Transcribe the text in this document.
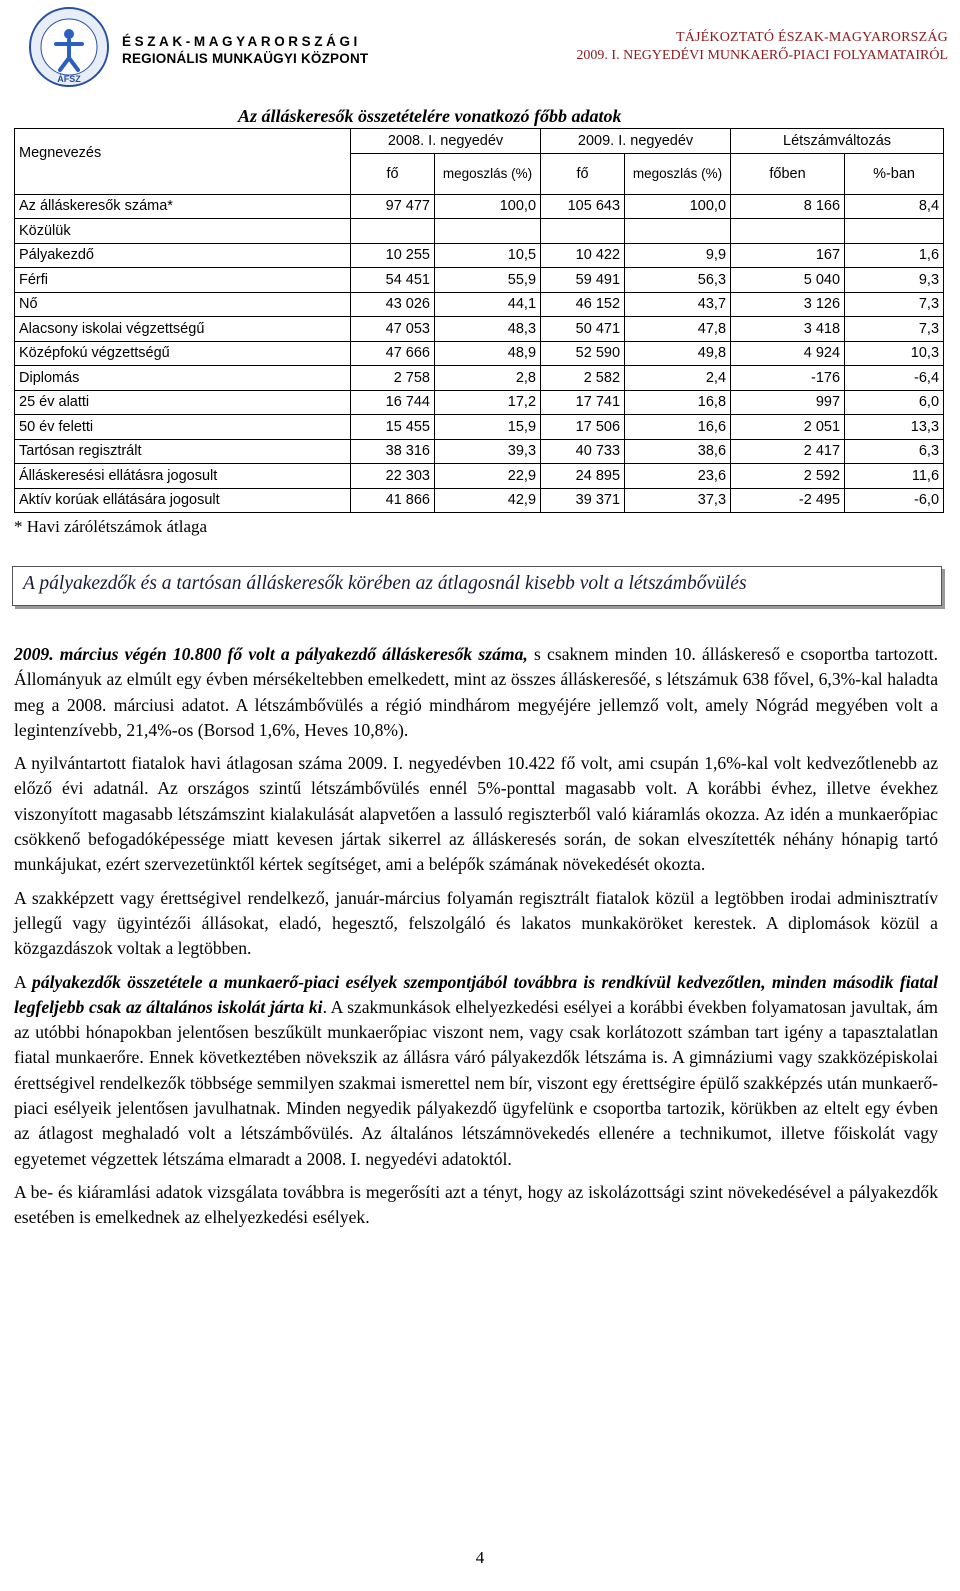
ÁFSZ
ÉSZAK-MAGYARORSZÁGI
REGIONÁLIS MUNKAÜGYI KÖZPONT
TÁJÉKOZTATÓ ÉSZAK-MAGYARORSZÁG
2009. I. NEGYEDÉVI MUNKAERŐ-PIACI FOLYAMATAIRÓL
Az álláskeresők összetételére vonatkozó főbb adatok
Megnevezés	2008. I. negyedév		2009. I. negyedév		Létszámváltozás	
	fő	megoszlás (%)	fő	megoszlás (%)	főben	%-ban
Az álláskeresők száma*	97 477	100,0	105 643	100,0	8 166	8,4
Közülük						
Pályakezdő	10 255	10,5	10 422	9,9	167	1,6
Férfi	54 451	55,9	59 491	56,3	5 040	9,3
Nő	43 026	44,1	46 152	43,7	3 126	7,3
Alacsony iskolai végzettségű	47 053	48,3	50 471	47,8	3 418	7,3
Középfokú végzettségű	47 666	48,9	52 590	49,8	4 924	10,3
Diplomás	2 758	2,8	2 582	2,4	-176	-6,4
25 év alatti	16 744	17,2	17 741	16,8	997	6,0
50 év feletti	15 455	15,9	17 506	16,6	2 051	13,3
Tartósan regisztrált	38 316	39,3	40 733	38,6	2 417	6,3
Álláskeresési ellátásra jogosult	22 303	22,9	24 895	23,6	2 592	11,6
Aktív korúak ellátására jogosult	41 866	42,9	39 371	37,3	-2 495	-6,0
* Havi zárólétszámok átlaga
A pályakezdők és a tartósan álláskeresők körében az átlagosnál kisebb volt a létszámbővülés

2009. március végén 10.800 fő volt a pályakezdő álláskeresők száma, s csaknem minden 10. álláskereső e csoportba tartozott. Állományuk az elmúlt egy évben mérsékeltebben emelkedett, mint az összes álláskeresőé, s létszámuk 638 fővel, 6,3%-kal haladta meg a 2008. márciusi adatot. A létszámbővülés a régió mindhárom megyéjére jellemző volt, amely Nógrád megyében volt a legintenzívebb, 21,4%-os (Borsod 1,6%, Heves 10,8%).

A nyilvántartott fiatalok havi átlagosan száma 2009. I. negyedévben 10.422 fő volt, ami csupán 1,6%-kal volt kedvezőtlenebb az előző évi adatnál. Az országos szintű létszámbővülés ennél 5%-ponttal magasabb volt. A korábbi évhez, illetve évekhez viszonyított magasabb létszámszint kialakulását alapvetően a lassuló regiszterből való kiáramlás okozza. Az idén a munkaerőpiac csökkenő befogadóképessége miatt kevesen jártak sikerrel az álláskeresés során, de sokan elveszítették néhány hónapig tartó munkájukat, ezért szervezetünktől kértek segítséget, ami a belépők számának növekedését okozta.

A szakképzett vagy érettségivel rendelkező, január-március folyamán regisztrált fiatalok közül a legtöbben irodai adminisztratív jellegű vagy ügyintézői állásokat, eladó, hegesztő, felszolgáló és lakatos munkaköröket kerestek. A diplomások közül a közgazdászok voltak a legtöbben.

A pályakezdők összetétele a munkaerő-piaci esélyek szempontjából továbbra is rendkívül kedvezőtlen, minden második fiatal legfeljebb csak az általános iskolát járta ki. A szakmunkások elhelyezkedési esélyei a korábbi években folyamatosan javultak, ám az utóbbi hónapokban jelentősen beszűkült munkaerőpiac viszont nem, vagy csak korlátozott számban tart igény a tapasztalatlan fiatal munkaerőre. Ennek következtében növekszik az állásra váró pályakezdők létszáma is. A gimnáziumi vagy szakközépiskolai érettségivel rendelkezők többsége semmilyen szakmai ismerettel nem bír, viszont egy érettségire épülő szakképzés után munkaerő-piaci esélyeik jelentősen javulhatnak. Minden negyedik pályakezdő ügyfelünk e csoportba tartozik, körükben az eltelt egy évben az átlagost meghaladó volt a létszámbővülés. Az általános létszámnövekedés ellenére a technikumot, illetve főiskolát vagy egyetemet végzettek létszáma elmaradt a 2008. I. negyedévi adatoktól.

A be- és kiáramlási adatok vizsgálata továbbra is megerősíti azt a tényt, hogy az iskolázottsági szint növekedésével a pályakezdők esetében is emelkednek az elhelyezkedési esélyek.

4
